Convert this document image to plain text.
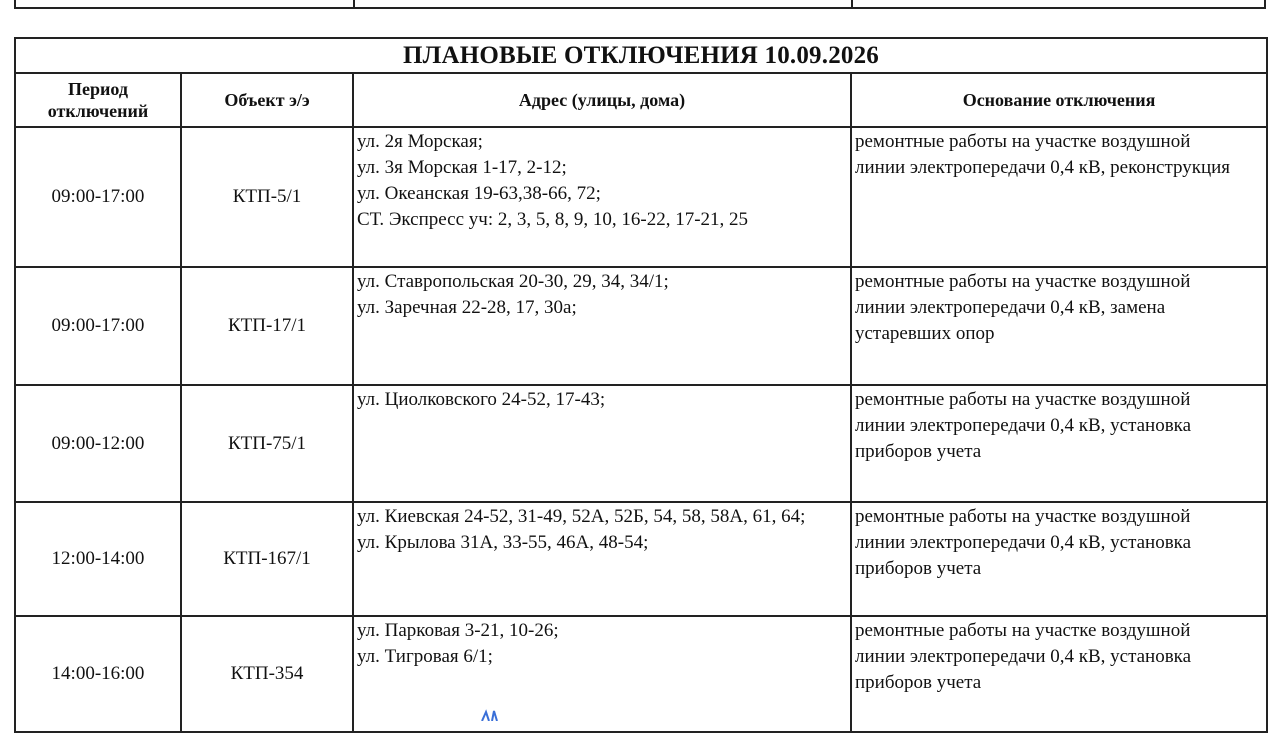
ПЛАНОВЫЕ ОТКЛЮЧЕНИЯ 10.09.2026			

Период
отключений	Объект э/э	Адрес (улицы, дома)	Основание отключения
09:00-17:00	КТП-5/1	ул. 2я Морская;
ул. 3я Морская 1-17, 2-12;
ул. Океанская 19-63,38-66, 72;
СТ. Экспресс уч: 2, 3, 5, 8, 9, 10, 16-22, 17-21, 25	ремонтные работы на участке воздушной
линии электропередачи 0,4 кВ, реконструкция

09:00-17:00	КТП-17/1	ул. Ставропольская 20-30, 29, 34, 34/1;
ул. Заречная 22-28, 17, 30а;	ремонтные работы на участке воздушной
линии электропередачи 0,4 кВ, замена
устаревших опор

09:00-12:00	КТП-75/1	ул. Циолковского 24-52, 17-43;	ремонтные работы на участке воздушной
линии электропередачи 0,4 кВ, установка
приборов учета

12:00-14:00	КТП-167/1	ул. Киевская 24-52, 31-49, 52А, 52Б, 54, 58, 58А, 61, 64;
ул. Крылова 31А, 33-55, 46А, 48-54;	ремонтные работы на участке воздушной
линии электропередачи 0,4 кВ, установка
приборов учета

14:00-16:00	КТП-354	ул. Парковая 3-21, 10-26;
ул. Тигровая 6/1;	ремонтные работы на участке воздушной
линии электропередачи 0,4 кВ, установка
приборов учета
